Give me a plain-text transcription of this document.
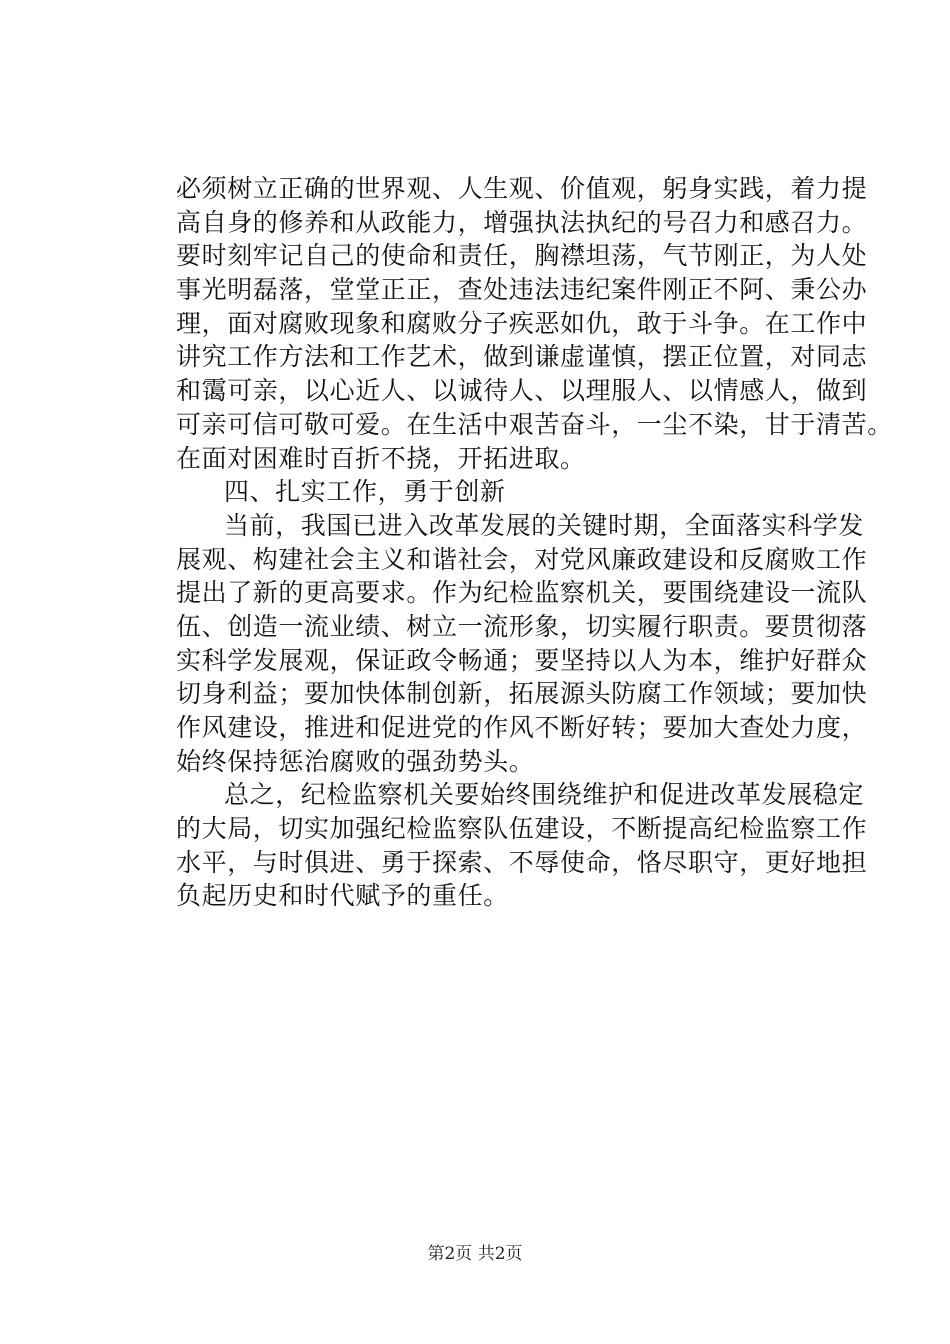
必须树立正确的世界观、人生观、价值观，躬身实践，着力提
高自身的修养和从政能力，增强执法执纪的号召力和感召力。
要时刻牢记自己的使命和责任，胸襟坦荡，气节刚正，为人处
事光明磊落，堂堂正正，查处违法违纪案件刚正不阿、秉公办
理，面对腐败现象和腐败分子疾恶如仇，敢于斗争。在工作中
讲究工作方法和工作艺术，做到谦虚谨慎，摆正位置，对同志
和霭可亲，以心近人、以诚待人、以理服人、以情感人，做到
可亲可信可敬可爱。在生活中艰苦奋斗，一尘不染，甘于清苦。
在面对困难时百折不挠，开拓进取。
四、扎实工作，勇于创新
当前，我国已进入改革发展的关键时期，全面落实科学发
展观、构建社会主义和谐社会，对党风廉政建设和反腐败工作
提出了新的更高要求。作为纪检监察机关，要围绕建设一流队
伍、创造一流业绩、树立一流形象，切实履行职责。要贯彻落
实科学发展观，保证政令畅通；要坚持以人为本，维护好群众
切身利益；要加快体制创新，拓展源头防腐工作领域；要加快
作风建设，推进和促进党的作风不断好转；要加大查处力度，
始终保持惩治腐败的强劲势头。
总之，纪检监察机关要始终围绕维护和促进改革发展稳定
的大局，切实加强纪检监察队伍建设，不断提高纪检监察工作
水平，与时俱进、勇于探索、不辱使命，恪尽职守，更好地担
负起历史和时代赋予的重任。
第2页 共2页
